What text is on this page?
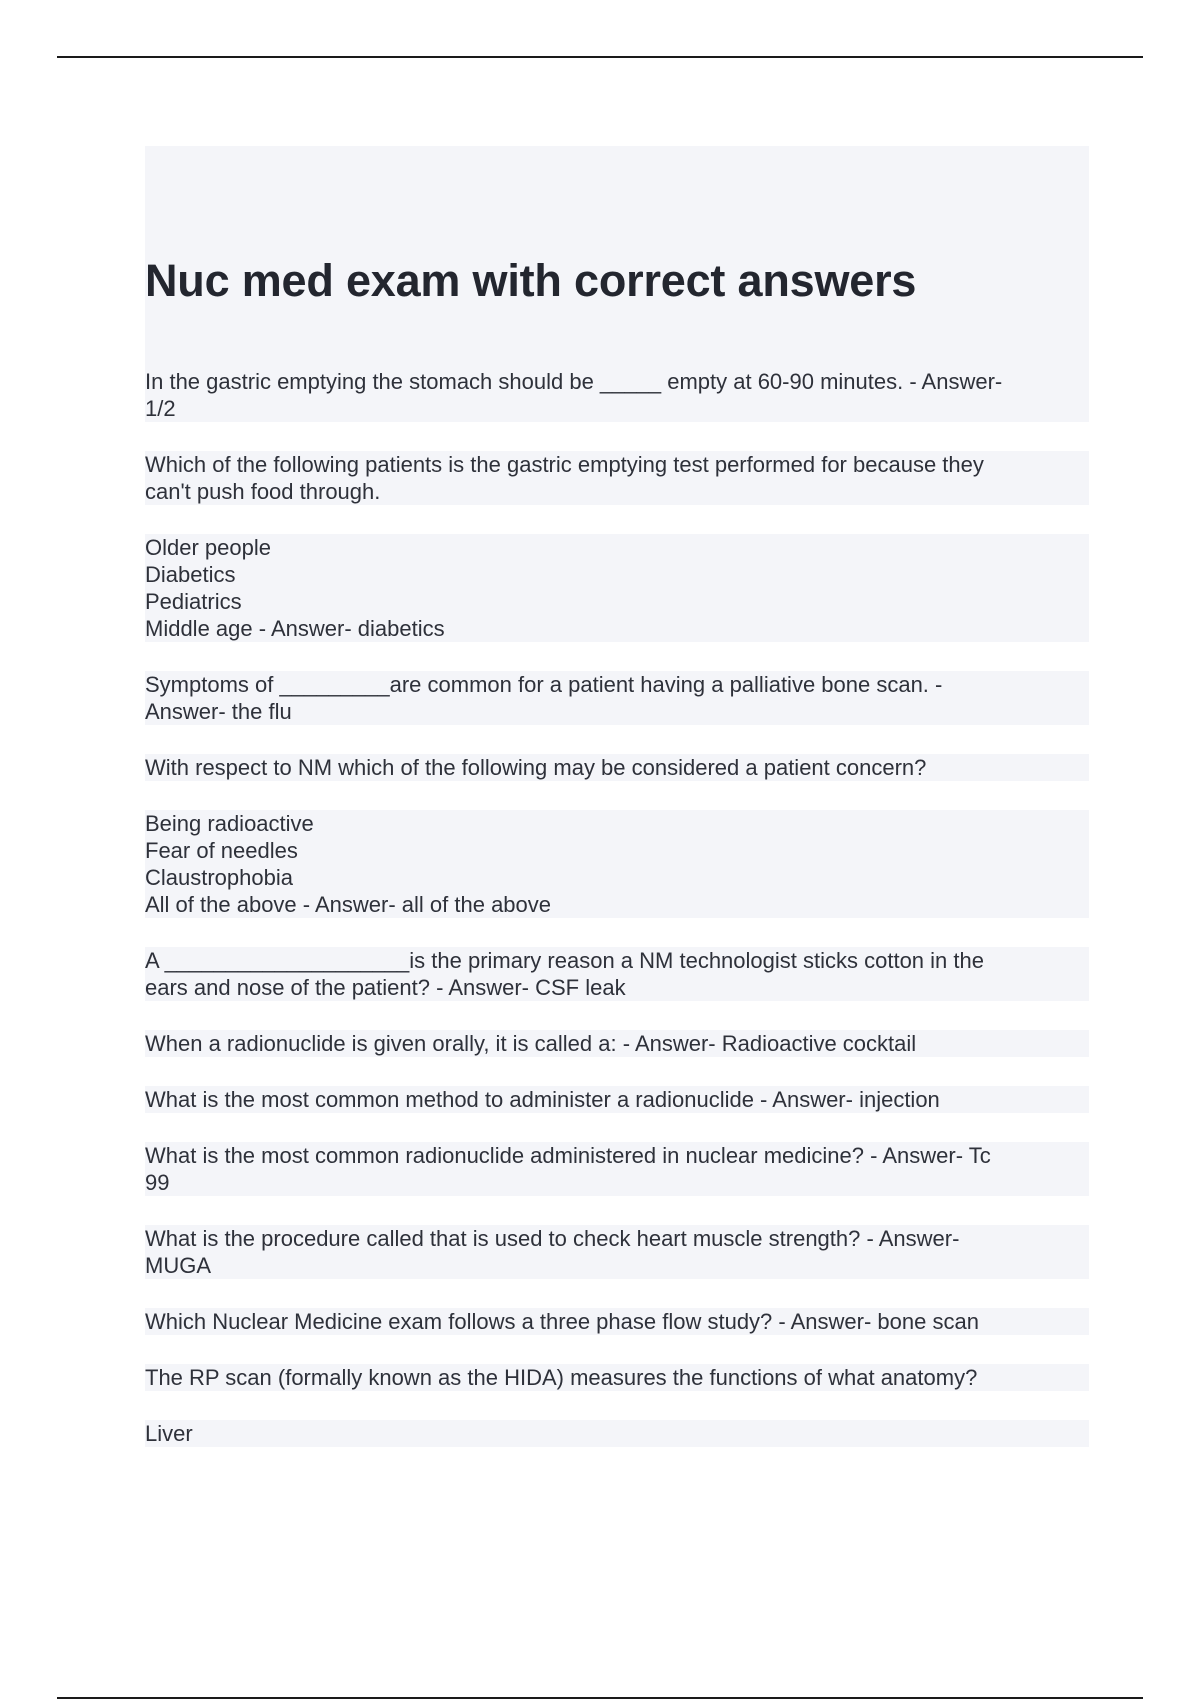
Nuc med exam with correct answers

In the gastric emptying the stomach should be _____ empty at 60-90 minutes. - Answer-
1/2

Which of the following patients is the gastric emptying test performed for because they
can't push food through.

Older people
Diabetics
Pediatrics
Middle age - Answer- diabetics

Symptoms of _________are common for a patient having a palliative bone scan. -
Answer- the flu

With respect to NM which of the following may be considered a patient concern?

Being radioactive
Fear of needles
Claustrophobia
All of the above - Answer- all of the above

A ____________________is the primary reason a NM technologist sticks cotton in the
ears and nose of the patient? - Answer- CSF leak

When a radionuclide is given orally, it is called a: - Answer- Radioactive cocktail

What is the most common method to administer a radionuclide - Answer- injection

What is the most common radionuclide administered in nuclear medicine? - Answer- Tc
99

What is the procedure called that is used to check heart muscle strength? - Answer-
MUGA

Which Nuclear Medicine exam follows a three phase flow study? - Answer- bone scan

The RP scan (formally known as the HIDA) measures the functions of what anatomy?

Liver
